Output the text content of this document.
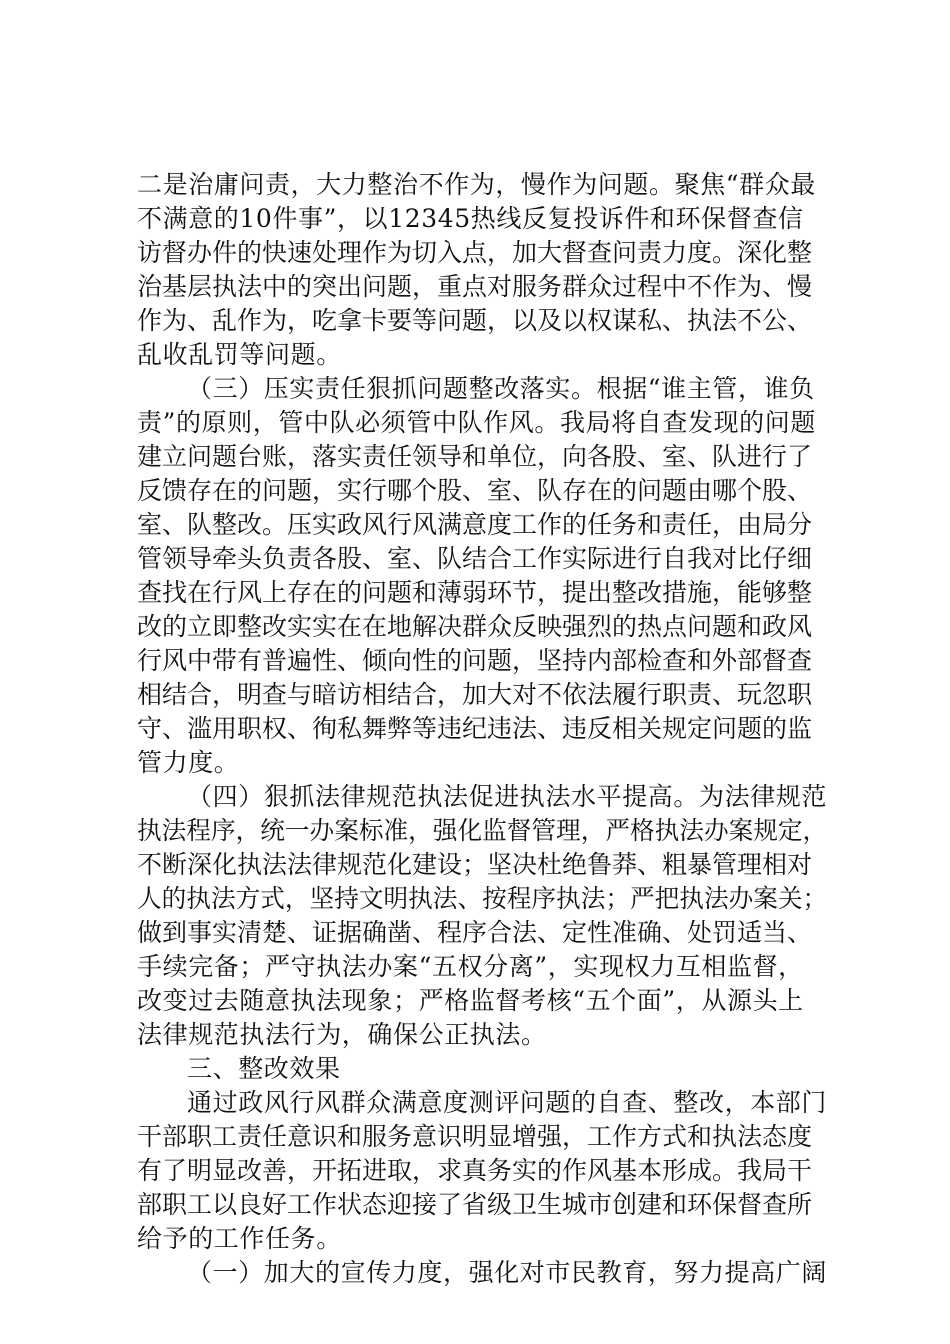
二是治庸问责，大力整治不作为，慢作为问题。聚焦“群众最
不满意的10件事”，以12345热线反复投诉件和环保督查信
访督办件的快速处理作为切入点，加大督查问责力度。深化整
治基层执法中的突出问题，重点对服务群众过程中不作为、慢
作为、乱作为，吃拿卡要等问题，以及以权谋私、执法不公、
乱收乱罚等问题。
（三）压实责任狠抓问题整改落实。根据“谁主管，谁负
责”的原则，管中队必须管中队作风。我局将自查发现的问题
建立问题台账，落实责任领导和单位，向各股、室、队进行了
反馈存在的问题，实行哪个股、室、队存在的问题由哪个股、
室、队整改。压实政风行风满意度工作的任务和责任，由局分
管领导牵头负责各股、室、队结合工作实际进行自我对比仔细
查找在行风上存在的问题和薄弱环节，提出整改措施，能够整
改的立即整改实实在在地解决群众反映强烈的热点问题和政风
行风中带有普遍性、倾向性的问题，坚持内部检查和外部督查
相结合，明查与暗访相结合，加大对不依法履行职责、玩忽职
守、滥用职权、徇私舞弊等违纪违法、违反相关规定问题的监
管力度。
（四）狠抓法律规范执法促进执法水平提高。为法律规范
执法程序，统一办案标准，强化监督管理，严格执法办案规定，
不断深化执法法律规范化建设；坚决杜绝鲁莽、粗暴管理相对
人的执法方式，坚持文明执法、按程序执法；严把执法办案关；
做到事实清楚、证据确凿、程序合法、定性准确、处罚适当、
手续完备；严守执法办案“五权分离”，实现权力互相监督，
改变过去随意执法现象；严格监督考核“五个面”，从源头上
法律规范执法行为，确保公正执法。
三、整改效果
通过政风行风群众满意度测评问题的自查、整改，本部门
干部职工责任意识和服务意识明显增强，工作方式和执法态度
有了明显改善，开拓进取，求真务实的作风基本形成。我局干
部职工以良好工作状态迎接了省级卫生城市创建和环保督查所
给予的工作任务。
（一）加大的宣传力度，强化对市民教育，努力提高广阔
